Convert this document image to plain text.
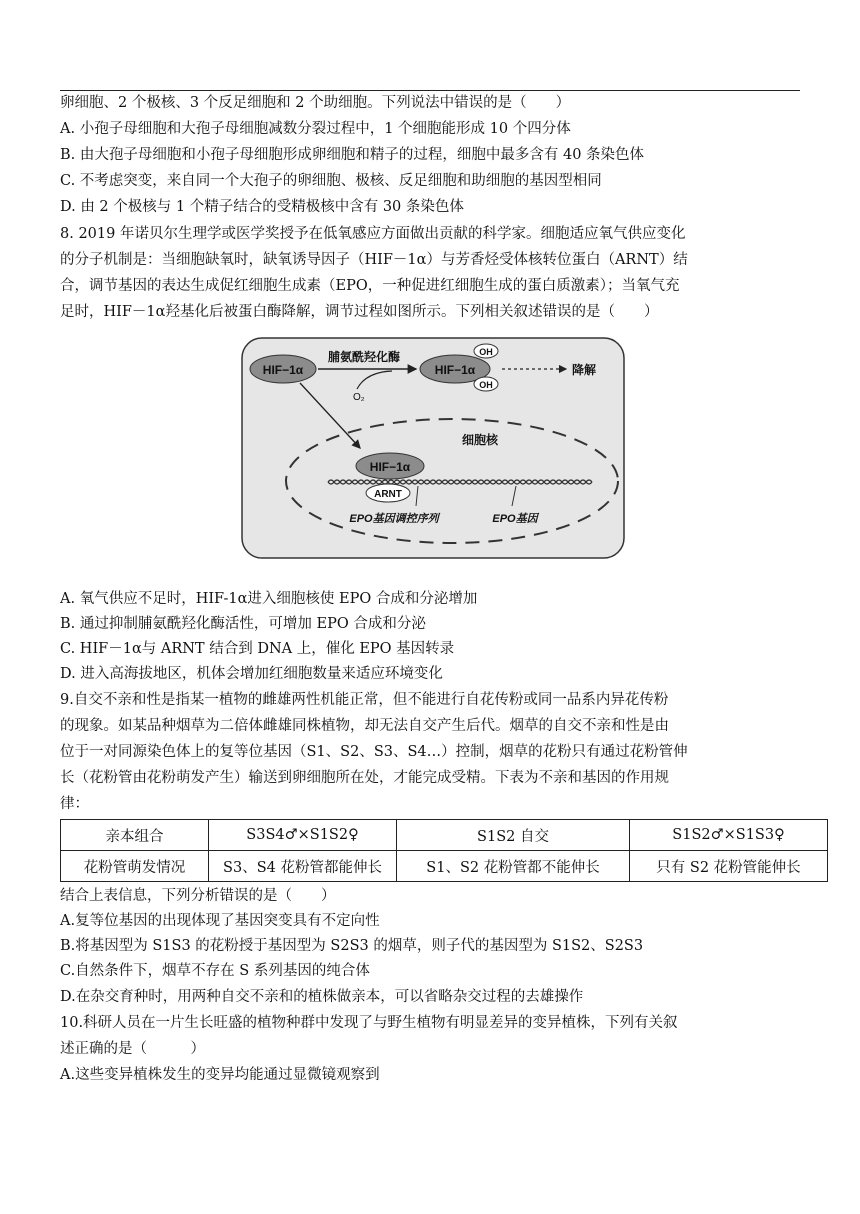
卵细胞、2 个极核、3 个反足细胞和 2 个助细胞。下列说法中错误的是（　　）
A. 小孢子母细胞和大孢子母细胞减数分裂过程中，1 个细胞能形成 10 个四分体
B. 由大孢子母细胞和小孢子母细胞形成卵细胞和精子的过程，细胞中最多含有 40 条染色体
C. 不考虑突变，来自同一个大孢子的卵细胞、极核、反足细胞和助细胞的基因型相同
D. 由 2 个极核与 1 个精子结合的受精极核中含有 30 条染色体
8. 2019 年诺贝尔生理学或医学奖授予在低氧感应方面做出贡献的科学家。细胞适应氧气供应变化
的分子机制是：当细胞缺氧时，缺氧诱导因子（HIF－1α）与芳香烃受体核转位蛋白（ARNT）结
合，调节基因的表达生成促红细胞生成素（EPO，一种促进红细胞生成的蛋白质激素）；当氧气充
足时，HIF－1α羟基化后被蛋白酶降解，调节过程如图所示。下列相关叙述错误的是（　　）
HIF−1α
脯氨酰羟化酶
O₂
HIF−1α
OH
OH
降解
细胞核
HIF−1α
ARNT
EPO基因调控序列	EPO基因
A. 氧气供应不足时，HIF-1α进入细胞核使 EPO 合成和分泌增加
B. 通过抑制脯氨酰羟化酶活性，可增加 EPO 合成和分泌
C. HIF－1α与 ARNT 结合到 DNA 上，催化 EPO 基因转录
D. 进入高海拔地区，机体会增加红细胞数量来适应环境变化
9.自交不亲和性是指某一植物的雌雄两性机能正常，但不能进行自花传粉或同一品系内异花传粉
的现象。如某品种烟草为二倍体雌雄同株植物，却无法自交产生后代。烟草的自交不亲和性是由
位于一对同源染色体上的复等位基因（S1、S2、S3、S4…）控制，烟草的花粉只有通过花粉管伸
长（花粉管由花粉萌发产生）输送到卵细胞所在处，才能完成受精。下表为不亲和基因的作用规
律：
亲本组合	S3S4♂×S1S2♀	S1S2 自交	S1S2♂×S1S3♀
花粉管萌发情况	S3、S4 花粉管都能伸长	S1、S2 花粉管都不能伸长	只有 S2 花粉管能伸长
结合上表信息，下列分析错误的是（　　）
A.复等位基因的出现体现了基因突变具有不定向性
B.将基因型为 S1S3 的花粉授于基因型为 S2S3 的烟草，则子代的基因型为 S1S2、S2S3
C.自然条件下，烟草不存在 S 系列基因的纯合体
D.在杂交育种时，用两种自交不亲和的植株做亲本，可以省略杂交过程的去雄操作
10.科研人员在一片生长旺盛的植物种群中发现了与野生植物有明显差异的变异植株，下列有关叙
述正确的是（　　　）
A.这些变异植株发生的变异均能通过显微镜观察到
